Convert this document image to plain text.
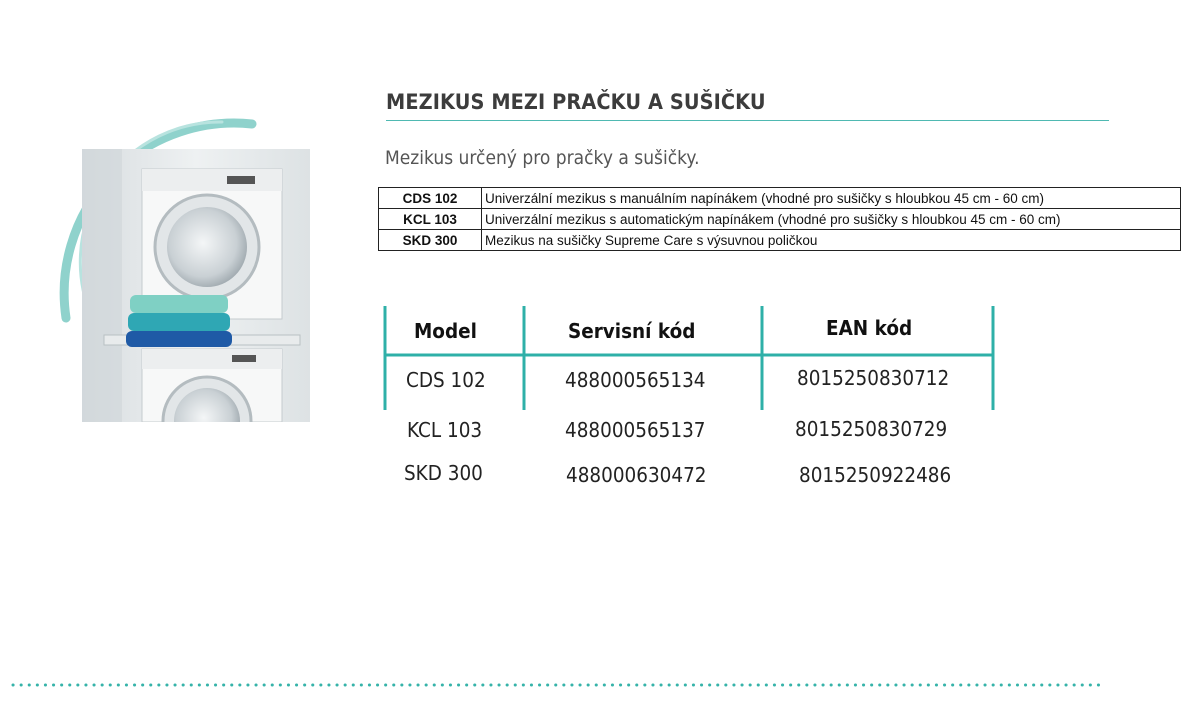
MEZIKUS MEZI PRAČKU A SUŠIČKU
Mezikus určený pro pračky a sušičky.
CDS 102	Univerzální mezikus s manuálním napínákem (vhodné pro sušičky s hloubkou 45 cm - 60 cm)
KCL 103	Univerzální mezikus s automatickým napínákem (vhodné pro sušičky s hloubkou 45 cm - 60 cm)
SKD 300	Mezikus na sušičky Supreme Care s výsuvnou poličkou
Model	Servisní kód	EAN kód
CDS 102	488000565134	8015250830712
KCL 103	488000565137	8015250830729
SKD 300	488000630472	8015250922486
